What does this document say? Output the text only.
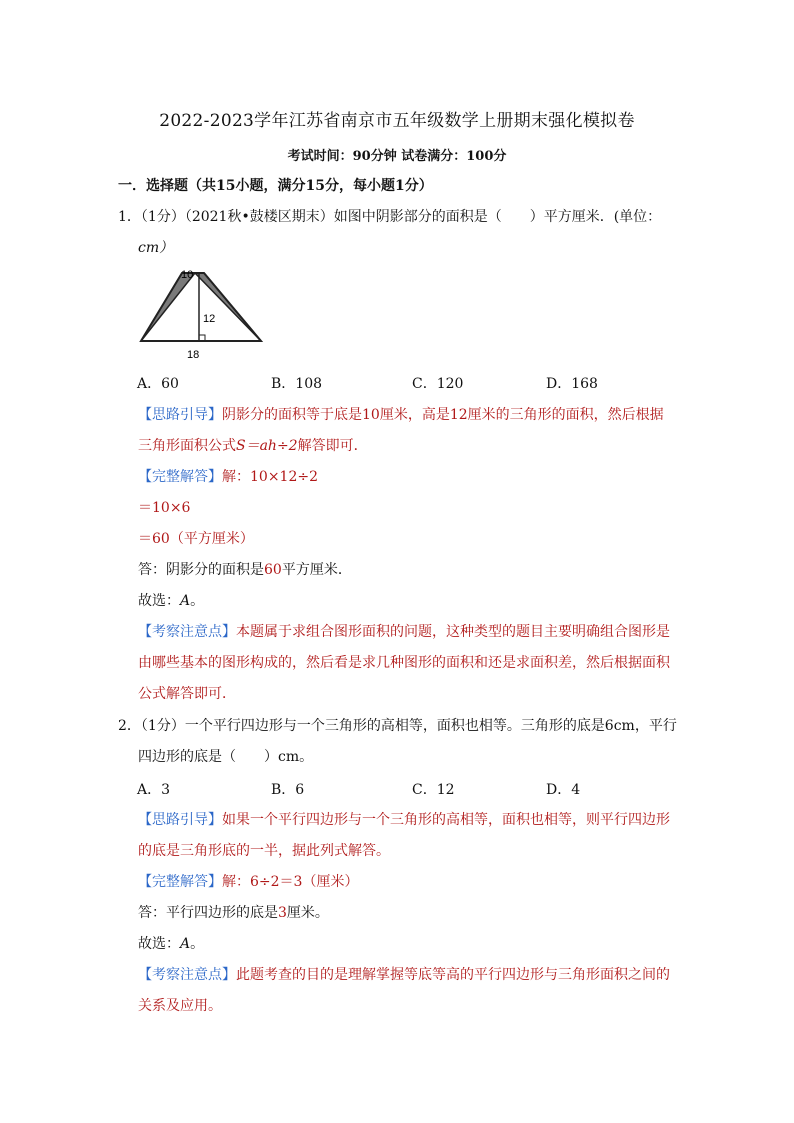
2022-2023学年江苏省南京市五年级数学上册期末强化模拟卷
考试时间：90分钟 试卷满分：100分
一．选择题（共15小题，满分15分，每小题1分）
1．（1分）（2021秋•鼓楼区期末）如图中阴影部分的面积是（　　）平方厘米．(单位：
cm）
10
12
18
A．60	B．108	C．120	D．168
【思路引导】阴影分的面积等于底是10厘米，高是12厘米的三角形的面积，然后根据
三角形面积公式S＝ah÷2解答即可．
【完整解答】解：10×12÷2
＝10×6
＝60（平方厘米）
答：阴影分的面积是60平方厘米．
故选：A。
【考察注意点】本题属于求组合图形面积的问题，这种类型的题目主要明确组合图形是
由哪些基本的图形构成的，然后看是求几种图形的面积和还是求面积差，然后根据面积
公式解答即可．
2．（1分）一个平行四边形与一个三角形的高相等，面积也相等。三角形的底是6cm，平行
四边形的底是（　　）cm。
A．3	B．6	C．12	D．4
【思路引导】如果一个平行四边形与一个三角形的高相等，面积也相等，则平行四边形
的底是三角形底的一半，据此列式解答。
【完整解答】解：6÷2＝3（厘米）
答：平行四边形的底是3厘米。
故选：A。
【考察注意点】此题考查的目的是理解掌握等底等高的平行四边形与三角形面积之间的
关系及应用。
